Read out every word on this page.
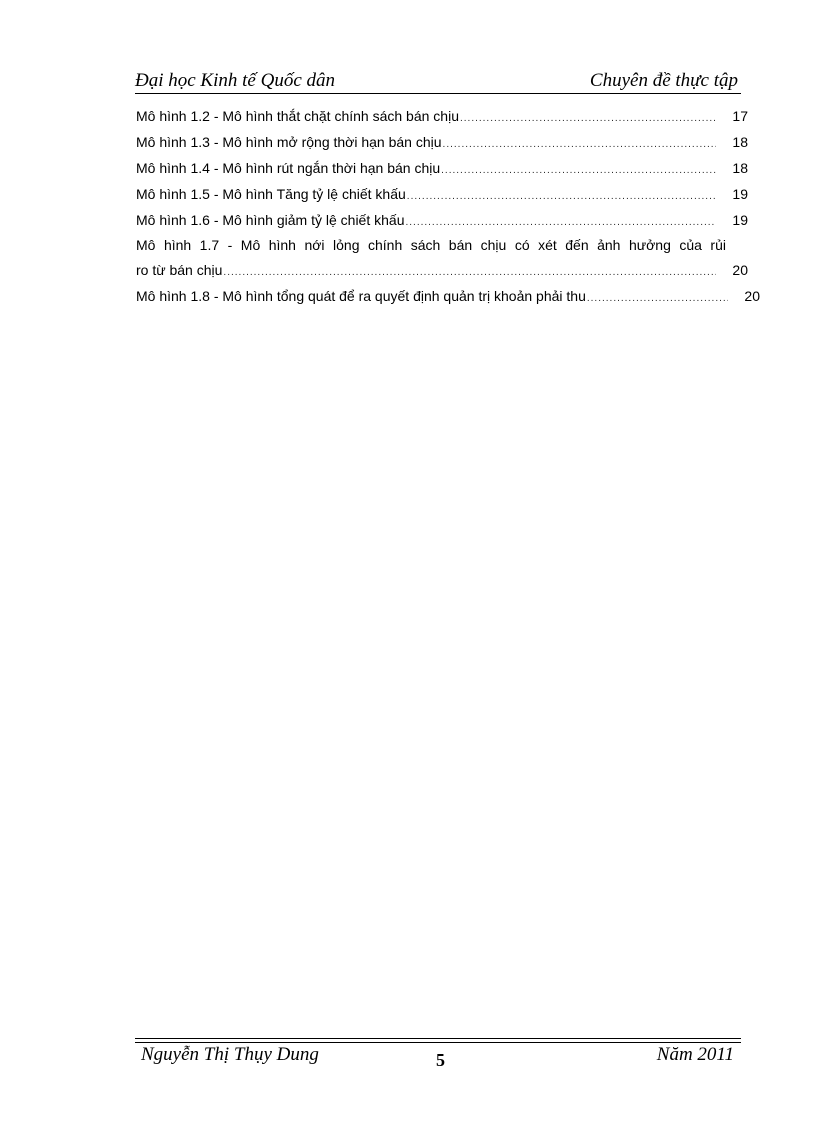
Đại học Kinh tế Quốc dân	Chuyên đề thực tập
Mô hình 1.2 - Mô hình thắt chặt chính sách bán chịu .....	17
Mô hình 1.3 - Mô hình mở rộng thời hạn bán chịu .....	18
Mô hình 1.4 - Mô hình rút ngắn thời hạn bán chịu .....	18
Mô hình 1.5 - Mô hình Tăng tỷ lệ chiết khấu .....	19
Mô hình 1.6 - Mô hình giảm tỷ lệ chiết khấu .....	19
Mô hình 1.7 - Mô hình nới lỏng chính sách bán chịu có xét đến ảnh hưởng của rủi
ro từ bán chịu .....	20
Mô hình 1.8 - Mô hình tổng quát để ra quyết định quản trị khoản phải thu .....	20
Nguyễn Thị Thụy Dung	5	Năm 2011
